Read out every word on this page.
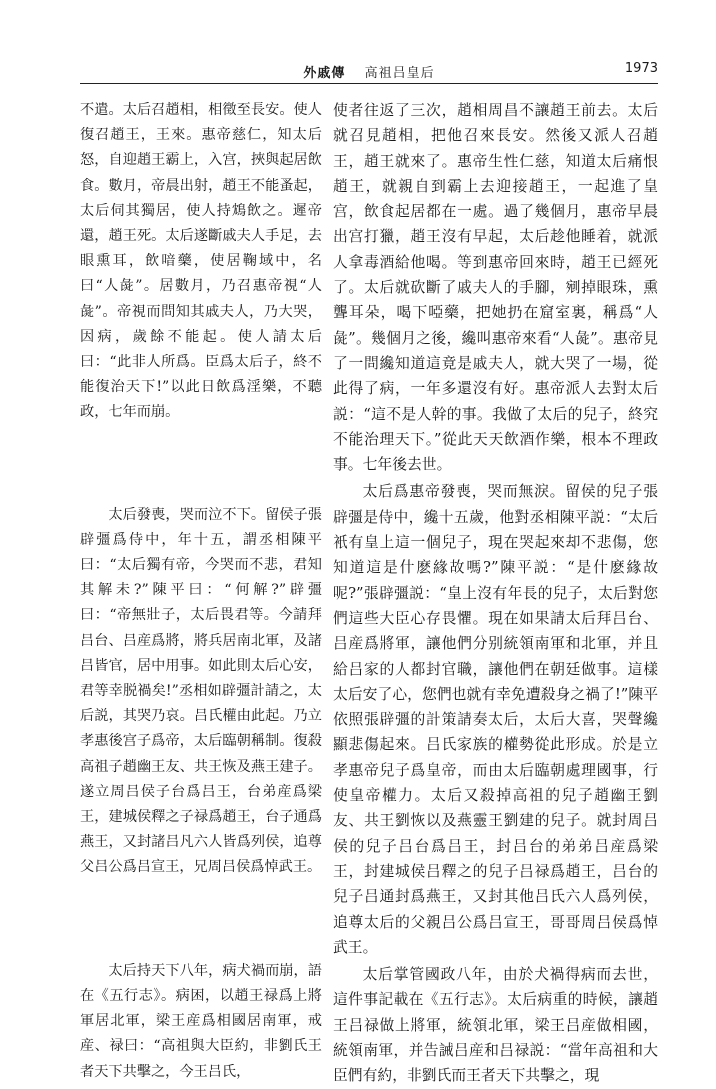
外戚傳 高祖吕皇后	1973

不遣。太后召趙相，相徵至長安。使人復召趙王，王來。惠帝慈仁，知太后怒，自迎趙王霸上，入宫，挾與起居飲食。數月，帝晨出射，趙王不能蚤起，太后伺其獨居，使人持鴆飲之。遲帝還，趙王死。太后遂斷戚夫人手足，去眼熏耳，飲喑藥，使居鞠域中，名曰“人彘”。居數月，乃召惠帝視“人彘”。帝視而問知其戚夫人，乃大哭，因病，歲餘不能起。使人請太后曰：“此非人所爲。臣爲太后子，終不能復治天下!”以此日飲爲淫樂，不聽政，七年而崩。

太后發喪，哭而泣不下。留侯子張辟彊爲侍中，年十五，謂丞相陳平曰：“太后獨有帝，今哭而不悲，君知其解未?”陳平曰：“何解?”辟彊曰：“帝無壯子，太后畏君等。今請拜吕台、吕産爲將，將兵居南北軍，及諸吕皆官，居中用事。如此則太后心安，君等幸脱禍矣!”丞相如辟彊計請之，太后説，其哭乃哀。吕氏權由此起。乃立孝惠後宫子爲帝，太后臨朝稱制。復殺高祖子趙幽王友、共王恢及燕王建子。遂立周吕侯子台爲吕王，台弟産爲梁王，建城侯釋之子禄爲趙王，台子通爲燕王，又封諸吕凡六人皆爲列侯，追尊父吕公爲吕宣王，兄周吕侯爲悼武王。

太后持天下八年，病犬禍而崩，語在《五行志》。病困，以趙王禄爲上將軍居北軍，梁王産爲相國居南軍，戒産、禄曰：“高祖與大臣約，非劉氏王者天下共擊之，今王吕氏，

使者往返了三次，趙相周昌不讓趙王前去。太后就召見趙相，把他召來長安。然後又派人召趙王，趙王就來了。惠帝生性仁慈，知道太后痛恨趙王，就親自到霸上去迎接趙王，一起進了皇宫，飲食起居都在一處。過了幾個月，惠帝早晨出宫打獵，趙王沒有早起，太后趁他睡着，就派人拿毒酒給他喝。等到惠帝回來時，趙王已經死了。太后就砍斷了戚夫人的手腳，剜掉眼珠，熏聾耳朵，喝下啞藥，把她扔在窟室裏，稱爲“人彘”。幾個月之後，纔叫惠帝來看“人彘”。惠帝見了一問纔知道這竟是戚夫人，就大哭了一場，從此得了病，一年多還沒有好。惠帝派人去對太后説：“這不是人幹的事。我做了太后的兒子，終究不能治理天下。”從此天天飲酒作樂，根本不理政事。七年後去世。

太后爲惠帝發喪，哭而無淚。留侯的兒子張辟彊是侍中，纔十五歲，他對丞相陳平説：“太后衹有皇上這一個兒子，現在哭起來却不悲傷，您知道這是什麽緣故嗎?”陳平説：“是什麽緣故呢?”張辟彊説：“皇上沒有年長的兒子，太后對您們這些大臣心存畏懼。現在如果請太后拜吕台、吕産爲將軍，讓他們分别統領南軍和北軍，并且給吕家的人都封官職，讓他們在朝廷做事。這樣太后安了心，您們也就有幸免遭殺身之禍了!”陳平依照張辟彊的計策請奏太后，太后大喜，哭聲纔顯悲傷起來。吕氏家族的權勢從此形成。於是立孝惠帝兒子爲皇帝，而由太后臨朝處理國事，行使皇帝權力。太后又殺掉高祖的兒子趙幽王劉友、共王劉恢以及燕靈王劉建的兒子。就封周吕侯的兒子吕台爲吕王，封吕台的弟弟吕産爲梁王，封建城侯吕釋之的兒子吕禄爲趙王，吕台的兒子吕通封爲燕王，又封其他吕氏六人爲列侯，追尊太后的父親吕公爲吕宣王，哥哥周吕侯爲悼武王。

太后掌管國政八年，由於犬禍得病而去世，這件事記載在《五行志》。太后病重的時候，讓趙王吕禄做上將軍，統領北軍，梁王吕産做相國，統領南軍，并告誡吕産和吕禄説：“當年高祖和大臣們有約，非劉氏而王者天下共擊之，現
